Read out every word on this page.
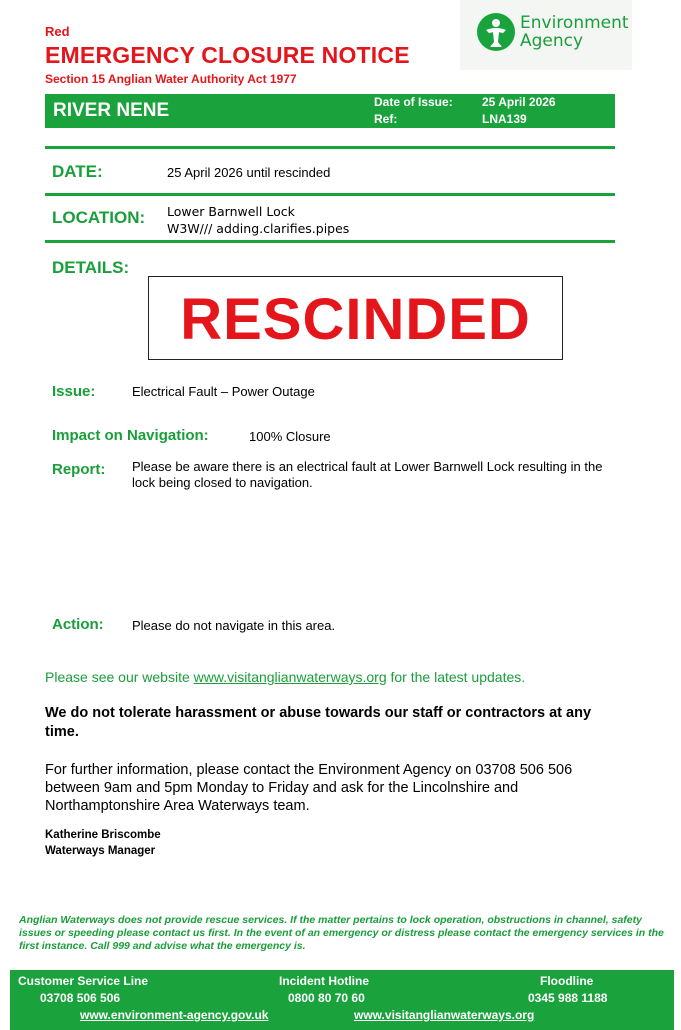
Red
EMERGENCY CLOSURE NOTICE
Section 15 Anglian Water Authority Act 1977
Environment
Agency
RIVER NENE	Date of Issue: 25 April 2026
Ref:	LNA139
DATE:	25 April 2026 until rescinded
LOCATION: Lower Barnwell Lock
W3W/// adding.clarifies.pipes
DETAILS:
RESCINDED
Issue:	Electrical Fault – Power Outage
Impact on Navigation:	100% Closure
Report: Please be aware there is an electrical fault at Lower Barnwell Lock resulting in the lock being closed to navigation.
Action: Please do not navigate in this area.
Please see our website www.visitanglianwaterways.org for the latest updates.
We do not tolerate harassment or abuse towards our staff or contractors at any time.
For further information, please contact the Environment Agency on 03708 506 506 between 9am and 5pm Monday to Friday and ask for the Lincolnshire and Northamptonshire Area Waterways team.
Katherine Briscombe
Waterways Manager
Anglian Waterways does not provide rescue services. If the matter pertains to lock operation, obstructions in channel, safety issues or speeding please contact us first. In the event of an emergency or distress please contact the emergency services in the first instance. Call 999 and advise what the emergency is.
Customer Service Line
03708 506 506
Incident Hotline
0800 80 70 60
Floodline
0345 988 1188
www.environment-agency.gov.uk	www.visitanglianwaterways.org
